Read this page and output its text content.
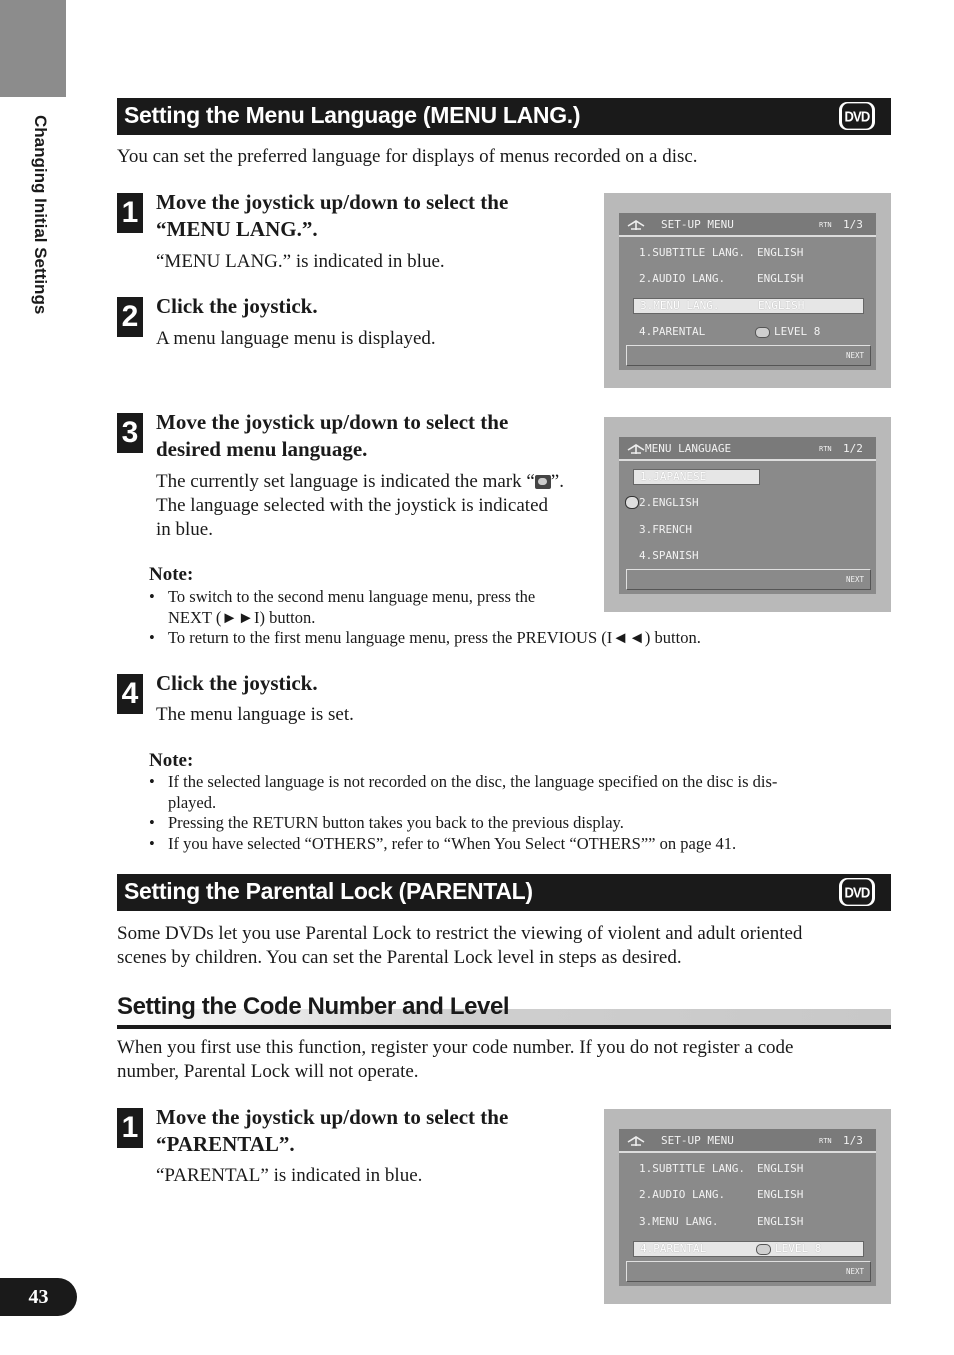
Changing Initial Settings
43
Setting the Menu Language (MENU LANG.)	DVD
You can set the preferred language for displays of menus recorded on a disc.
1 Move the joystick up/down to select the
“MENU LANG.”.
“MENU LANG.” is indicated in blue.
2 Click the joystick.
A menu language menu is displayed.
SET-UP MENU	RTN 1/3
1.SUBTITLE LANG. ENGLISH
2.AUDIO LANG.	ENGLISH
3.MENU LANG.	ENGLISH
4.PARENTAL	LEVEL 8
NEXT
3 Move the joystick up/down to select the
desired menu language.
The currently set language is indicated the mark “ ”.
The language selected with the joystick is indicated
in blue.
MENU LANGUAGE	RTN 1/2
1.JAPANESE
2.ENGLISH
3.FRENCH
4.SPANISH
NEXT
Note:
• To switch to the second menu language menu, press the
NEXT (►►I) button.
• To return to the first menu language menu, press the PREVIOUS (I◄◄) button.
4 Click the joystick.
The menu language is set.
Note:
• If the selected language is not recorded on the disc, the language specified on the disc is dis-
played.
• Pressing the RETURN button takes you back to the previous display.
• If you have selected “OTHERS”, refer to “When You Select “OTHERS”” on page 41.
Setting the Parental Lock (PARENTAL)	DVD
Some DVDs let you use Parental Lock to restrict the viewing of violent and adult oriented
scenes by children. You can set the Parental Lock level in steps as desired.
Setting the Code Number and Level
When you first use this function, register your code number. If you do not register a code
number, Parental Lock will not operate.
1 Move the joystick up/down to select the
“PARENTAL”.
“PARENTAL” is indicated in blue.
SET-UP MENU	RTN 1/3
1.SUBTITLE LANG. ENGLISH
2.AUDIO LANG.	ENGLISH
3.MENU LANG.	ENGLISH
4.PARENTAL	LEVEL 8
NEXT
